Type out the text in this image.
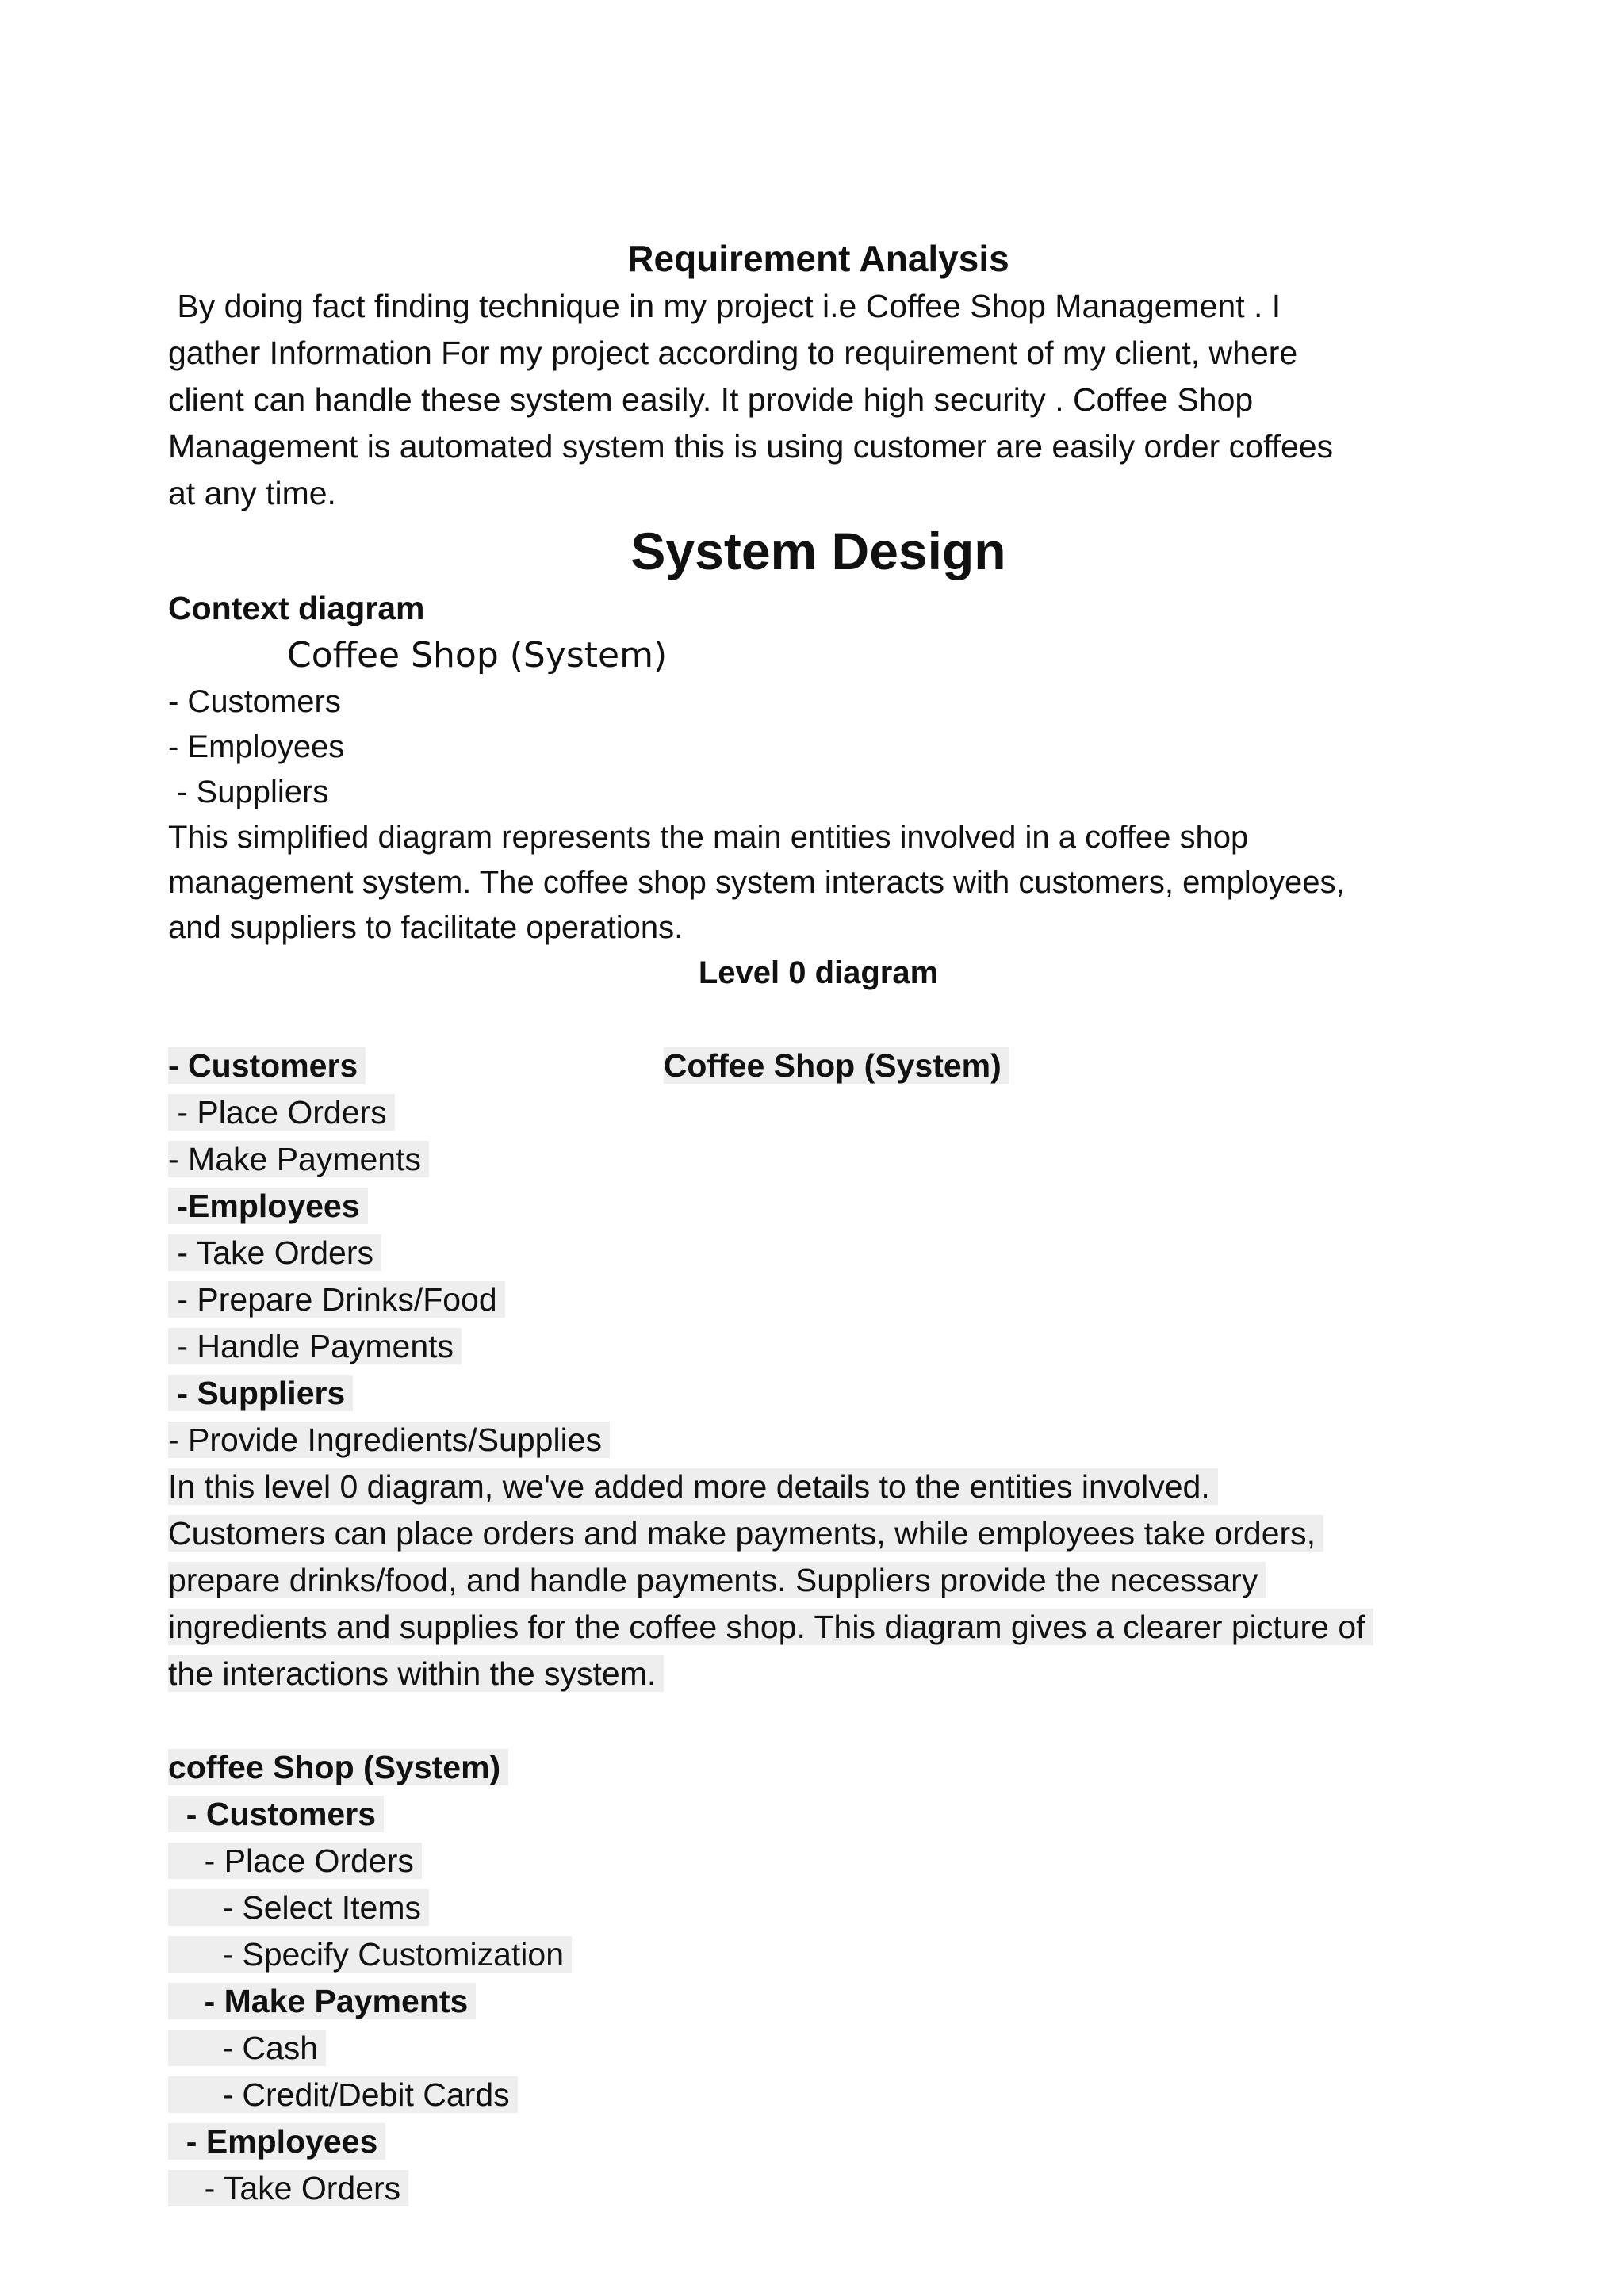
Requirement Analysis
By doing fact finding technique in my project i.e Coffee Shop Management . I
gather Information For my project according to requirement of my client, where
client can handle these system easily. It provide high security . Coffee Shop
Management is automated system this is using customer are easily order coffees
at any time.
System Design
Context diagram
Coffee Shop (System)
- Customers
- Employees
- Suppliers
This simplified diagram represents the main entities involved in a coffee shop
management system. The coffee shop system interacts with customers, employees,
and suppliers to facilitate operations.
Level 0 diagram

Coffee Shop (System)

- Customers
- Place Orders
- Make Payments
-Employees
- Take Orders
- Prepare Drinks/Food
- Handle Payments
- Suppliers
- Provide Ingredients/Supplies
In this level 0 diagram, we've added more details to the entities involved.
Customers can place orders and make payments, while employees take orders,
prepare drinks/food, and handle payments. Suppliers provide the necessary
ingredients and supplies for the coffee shop. This diagram gives a clearer picture of
the interactions within the system.
coffee Shop (System)
- Customers
- Place Orders
- Select Items
- Specify Customization
- Make Payments
- Cash
- Credit/Debit Cards
- Employees
- Take Orders
